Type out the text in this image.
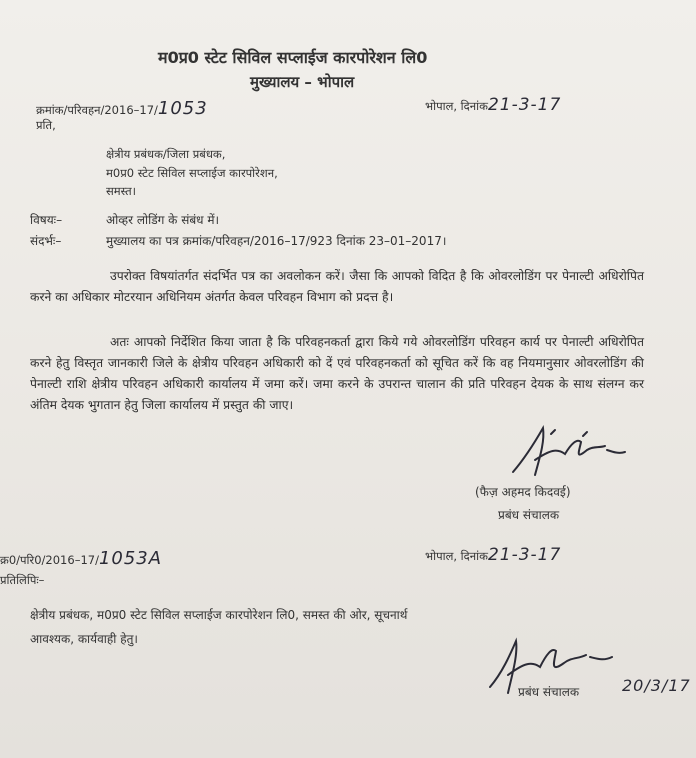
म0प्र0 स्टेट सिविल सप्लाईज कारपोरेशन लि0
मुख्यालय – भोपाल
क्रमांक/परिवहन/2016–17/1053	भोपाल, दिनांक21-3-17
प्रति,
क्षेत्रीय प्रबंधक/जिला प्रबंधक,
म0प्र0 स्टेट सिविल सप्लाईज कारपोरेशन,
समस्त।
विषयः–	ओव्हर लोडिंग के संबंध में।
संदर्भः–	मुख्यालय का पत्र क्रमांक/परिवहन/2016–17/923 दिनांक 23–01–2017।
उपरोक्त विषयांतर्गत संदर्भित पत्र का अवलोकन करें। जैसा कि आपको विदित है कि ओवरलोडिंग पर पेनाल्टी अधिरोपित करने का अधिकार मोटरयान अधिनियम अंतर्गत केवल परिवहन विभाग को प्रदत्त है।
अतः आपको निर्देशित किया जाता है कि परिवहनकर्ता द्वारा किये गये ओवरलोडिंग परिवहन कार्य पर पेनाल्टी अधिरोपित करने हेतु विस्तृत जानकारी जिले के क्षेत्रीय परिवहन अधिकारी को दें एवं परिवहनकर्ता को सूचित करें कि वह नियमानुसार ओवरलोडिंग की पेनाल्टी राशि क्षेत्रीय परिवहन अधिकारी कार्यालय में जमा करें। जमा करने के उपरान्त चालान की प्रति परिवहन देयक के साथ संलग्न कर अंतिम देयक भुगतान हेतु जिला कार्यालय में प्रस्तुत की जाए।
(फैज़ अहमद किदवई)
प्रबंध संचालक
क्र0/परि0/2016–17/1053A	भोपाल, दिनांक21-3-17
प्रतिलिपिः–
क्षेत्रीय प्रबंधक, म0प्र0 स्टेट सिविल सप्लाईज कारपोरेशन लि0, समस्त की ओर, सूचनार्थ
आवश्यक, कार्यवाही हेतु।
प्रबंध संचालक	20/3/17
